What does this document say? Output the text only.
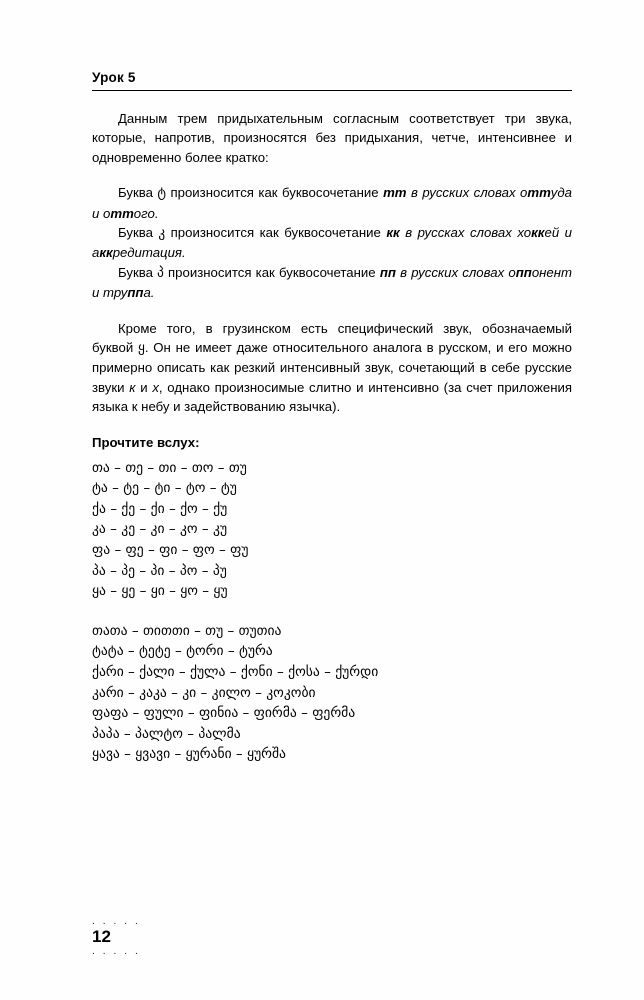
Урок 5

Данным трем придыхательным согласным соответствует три звука, которые, напротив, произносятся без придыхания, четче, интенсивнее и одновременно более кратко:

Буква ტ произносится как буквосочетание тт в русских словах оттуда и оттого.

Буква კ произносится как буквосочетание кк в руссках словах хоккей и аккредитация.

Буква პ произносится как буквосочетание пп в русских словах оппонент и труппа.

Кроме того, в грузинском есть специфический звук, обозначаемый буквой ყ. Он не имеет даже относительного аналога в русском, и его можно примерно описать как резкий интенсивный звук, сочетающий в себе русские звуки к и х, однако произносимые слитно и интенсивно (за счет приложения языка к небу и задействованию язычка).

Прочтите вслух:
თა – თე – თი – თო – თუ
ტა – ტე – ტი – ტო – ტუ
ქა – ქე – ქი – ქო – ქუ
კა – კე – კი – კო – კუ
ფა – ფე – ფი – ფო – ფუ
პა – პე – პი – პო – პუ
ყა – ყე – ყი – ყო – ყუ
თათა – თითთი – თუ – თუთია
ტატა – ტეტე – ტორი – ტურა
ქარი – ქალი – ქულა – ქონი – ქოსა – ქურდი
კარი – კაკა – კი – კილო – კოკობი
ფაფა – ფული – ფინია – ფირმა – ფერმა
პაპა – პალტო – პალმა
ყავა – ყვავი – ყურანი – ყურშა
. . . . .
12
. . . . .
